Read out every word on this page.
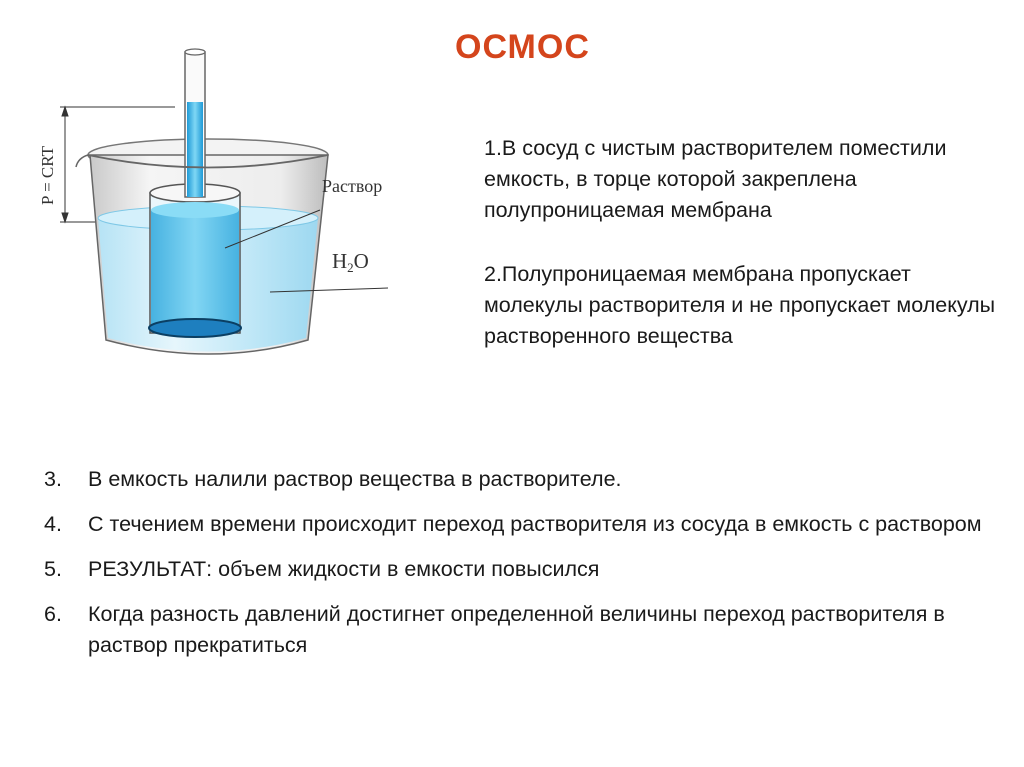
ОСМОС
P = CRT	Раствор
H2O

1.В сосуд с чистым растворителем поместили емкость, в торце которой закреплена полупроницаемая мембрана

2.Полупроницаемая мембрана пропускает молекулы растворителя и не пропускает молекулы растворенного вещества

3.	В емкость налили раствор вещества в растворителе.
4.	С течением времени происходит переход растворителя из сосуда в емкость с раствором
5.	РЕЗУЛЬТАТ: объем жидкости в емкости повысился
6.	Когда разность давлений достигнет определенной величины переход растворителя в раствор прекратиться
